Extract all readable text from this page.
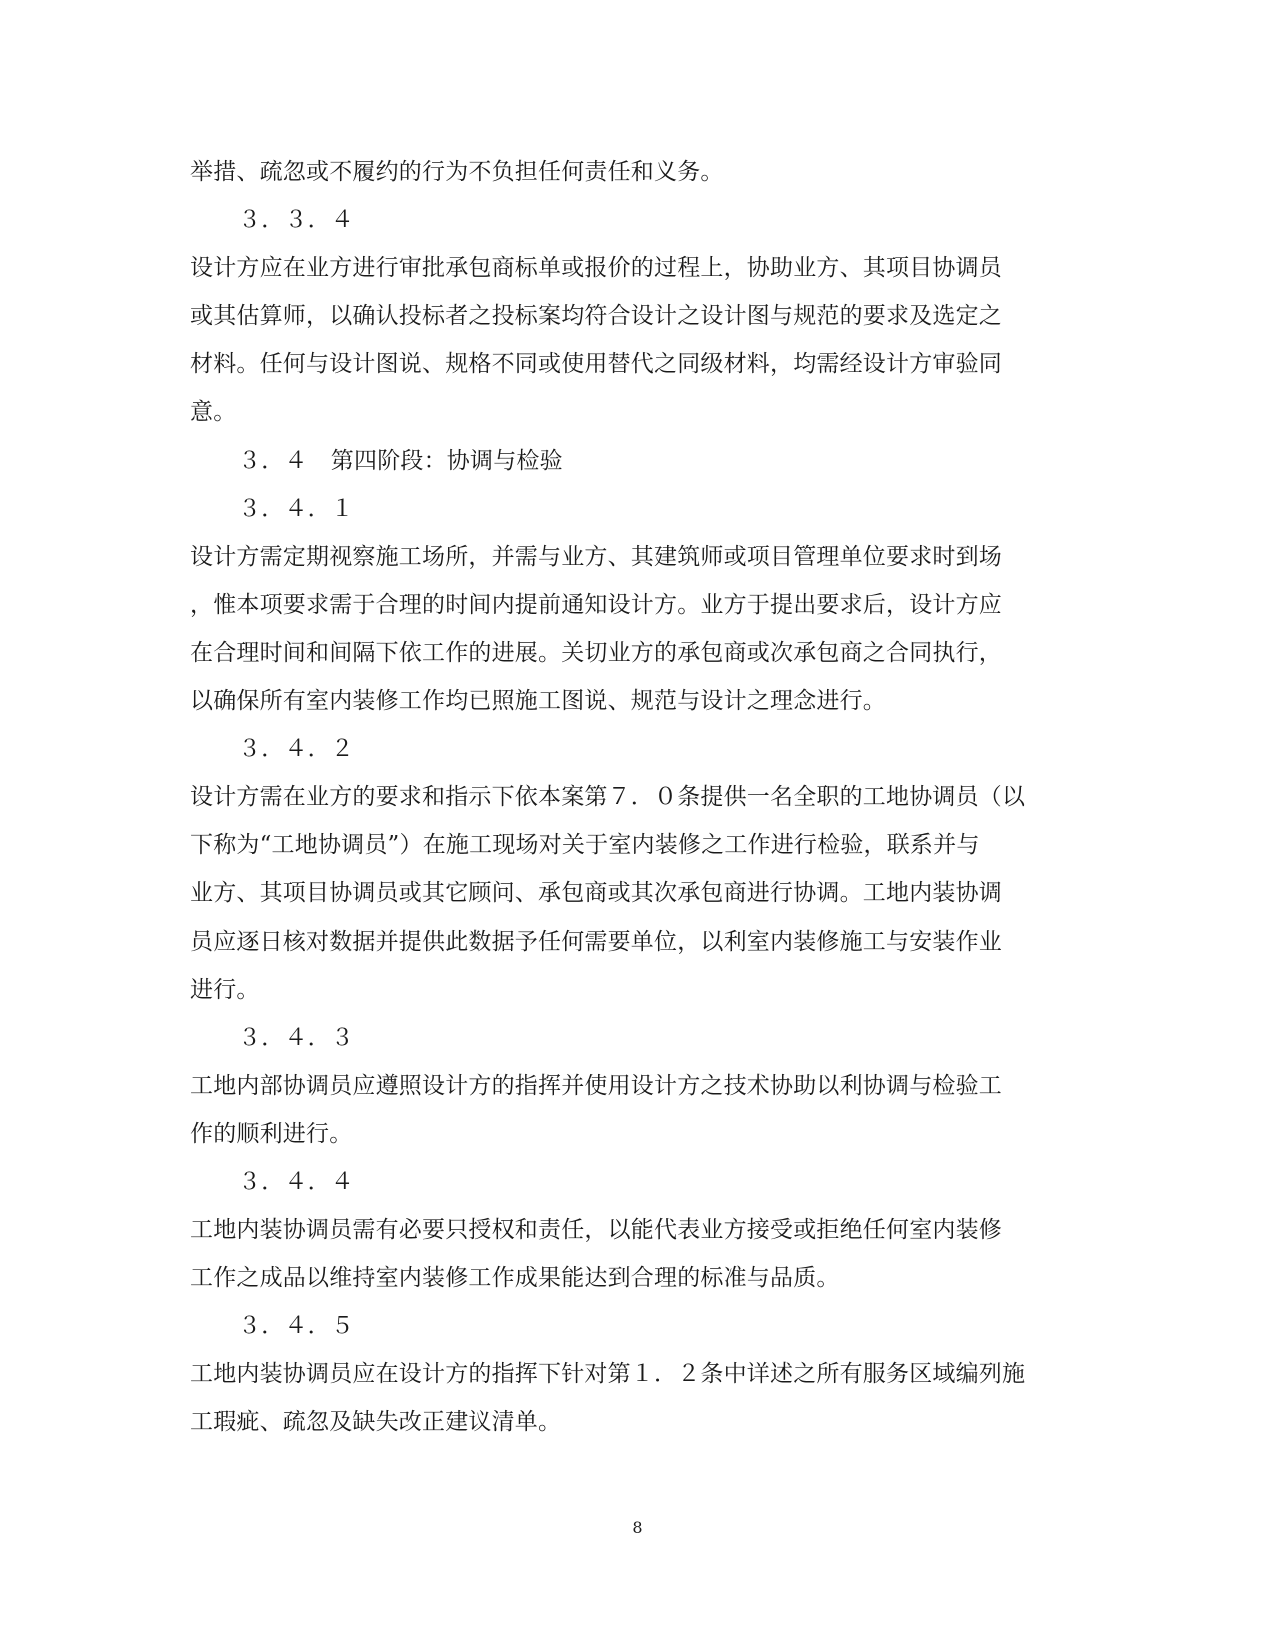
举措、疏忽或不履约的行为不负担任何责任和义务。
３．３．４
设计方应在业方进行审批承包商标单或报价的过程上，协助业方、其项目协调员
或其估算师，以确认投标者之投标案均符合设计之设计图与规范的要求及选定之
材料。任何与设计图说、规格不同或使用替代之同级材料，均需经设计方审验同
意。
３．４　第四阶段：协调与检验
３．４．１
设计方需定期视察施工场所，并需与业方、其建筑师或项目管理单位要求时到场
，惟本项要求需于合理的时间内提前通知设计方。业方于提出要求后，设计方应
在合理时间和间隔下依工作的进展。关切业方的承包商或次承包商之合同执行，
以确保所有室内装修工作均已照施工图说、规范与设计之理念进行。
３．４．２
设计方需在业方的要求和指示下依本案第７．０条提供一名全职的工地协调员（以
下称为“工地协调员”）在施工现场对关于室内装修之工作进行检验，联系并与
业方、其项目协调员或其它顾问、承包商或其次承包商进行协调。工地内装协调
员应逐日核对数据并提供此数据予任何需要单位，以利室内装修施工与安装作业
进行。
３．４．３
工地内部协调员应遵照设计方的指挥并使用设计方之技术协助以利协调与检验工
作的顺利进行。
３．４．４
工地内装协调员需有必要只授权和责任，以能代表业方接受或拒绝任何室内装修
工作之成品以维持室内装修工作成果能达到合理的标准与品质。
３．４．５
工地内装协调员应在设计方的指挥下针对第１．２条中详述之所有服务区域编列施
工瑕疵、疏忽及缺失改正建议清单。
8
